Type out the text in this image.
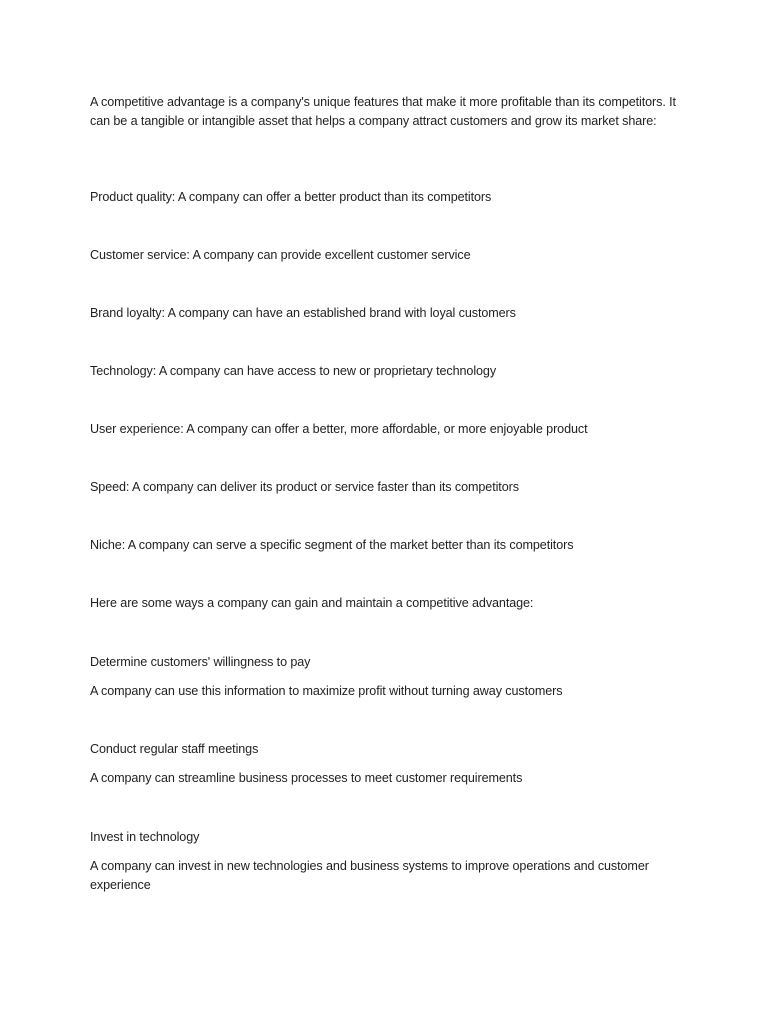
A competitive advantage is a company's unique features that make it more profitable than its competitors. It can be a tangible or intangible asset that helps a company attract customers and grow its market share:

Product quality: A company can offer a better product than its competitors

Customer service: A company can provide excellent customer service

Brand loyalty: A company can have an established brand with loyal customers

Technology: A company can have access to new or proprietary technology

User experience: A company can offer a better, more affordable, or more enjoyable product

Speed: A company can deliver its product or service faster than its competitors

Niche: A company can serve a specific segment of the market better than its competitors

Here are some ways a company can gain and maintain a competitive advantage:

Determine customers' willingness to pay

A company can use this information to maximize profit without turning away customers

Conduct regular staff meetings

A company can streamline business processes to meet customer requirements

Invest in technology

A company can invest in new technologies and business systems to improve operations and customer experience
